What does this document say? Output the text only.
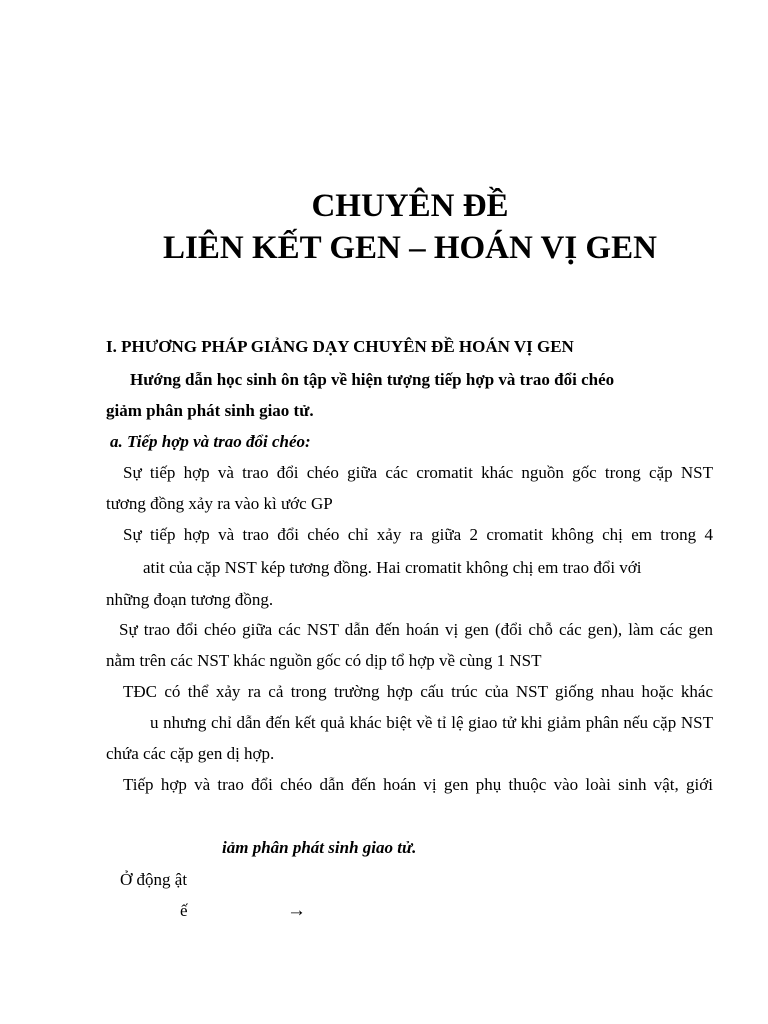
CHUYÊN ĐỀ
LIÊN KẾT GEN – HOÁN VỊ GEN
I. PHƯƠNG PHÁP GIẢNG DẠY CHUYÊN ĐỀ HOÁN VỊ GEN
Hướng dẫn học sinh ôn tập về hiện tượng tiếp hợp và trao đổi chéo
giảm phân phát sinh giao tử.
a. Tiếp hợp và trao đổi chéo:
Sự tiếp hợp và trao đổi chéo giữa các cromatit khác nguồn gốc trong cặp NST
tương đồng xảy ra vào kì ước GP
Sự tiếp hợp và trao đổi chéo chỉ xảy ra giữa 2 cromatit không chị em trong 4
atit của cặp NST kép tương đồng. Hai cromatit không chị em trao đổi với
những đoạn tương đồng.
Sự trao đổi chéo giữa các NST dẫn đến hoán vị gen (đổi chỗ các gen), làm các gen
nằm trên các NST khác nguồn gốc có dịp tổ hợp về cùng 1 NST
TĐC có thể xảy ra cả trong trường hợp cấu trúc của NST giống nhau hoặc khác
u nhưng chỉ dẫn đến kết quả khác biệt về tỉ lệ giao tử khi giảm phân nếu cặp NST
chứa các cặp gen dị hợp.
Tiếp hợp và trao đổi chéo dẫn đến hoán vị gen phụ thuộc vào loài sinh vật, giới
iảm phân phát sinh giao tử.
Ở động ật
ế	→
